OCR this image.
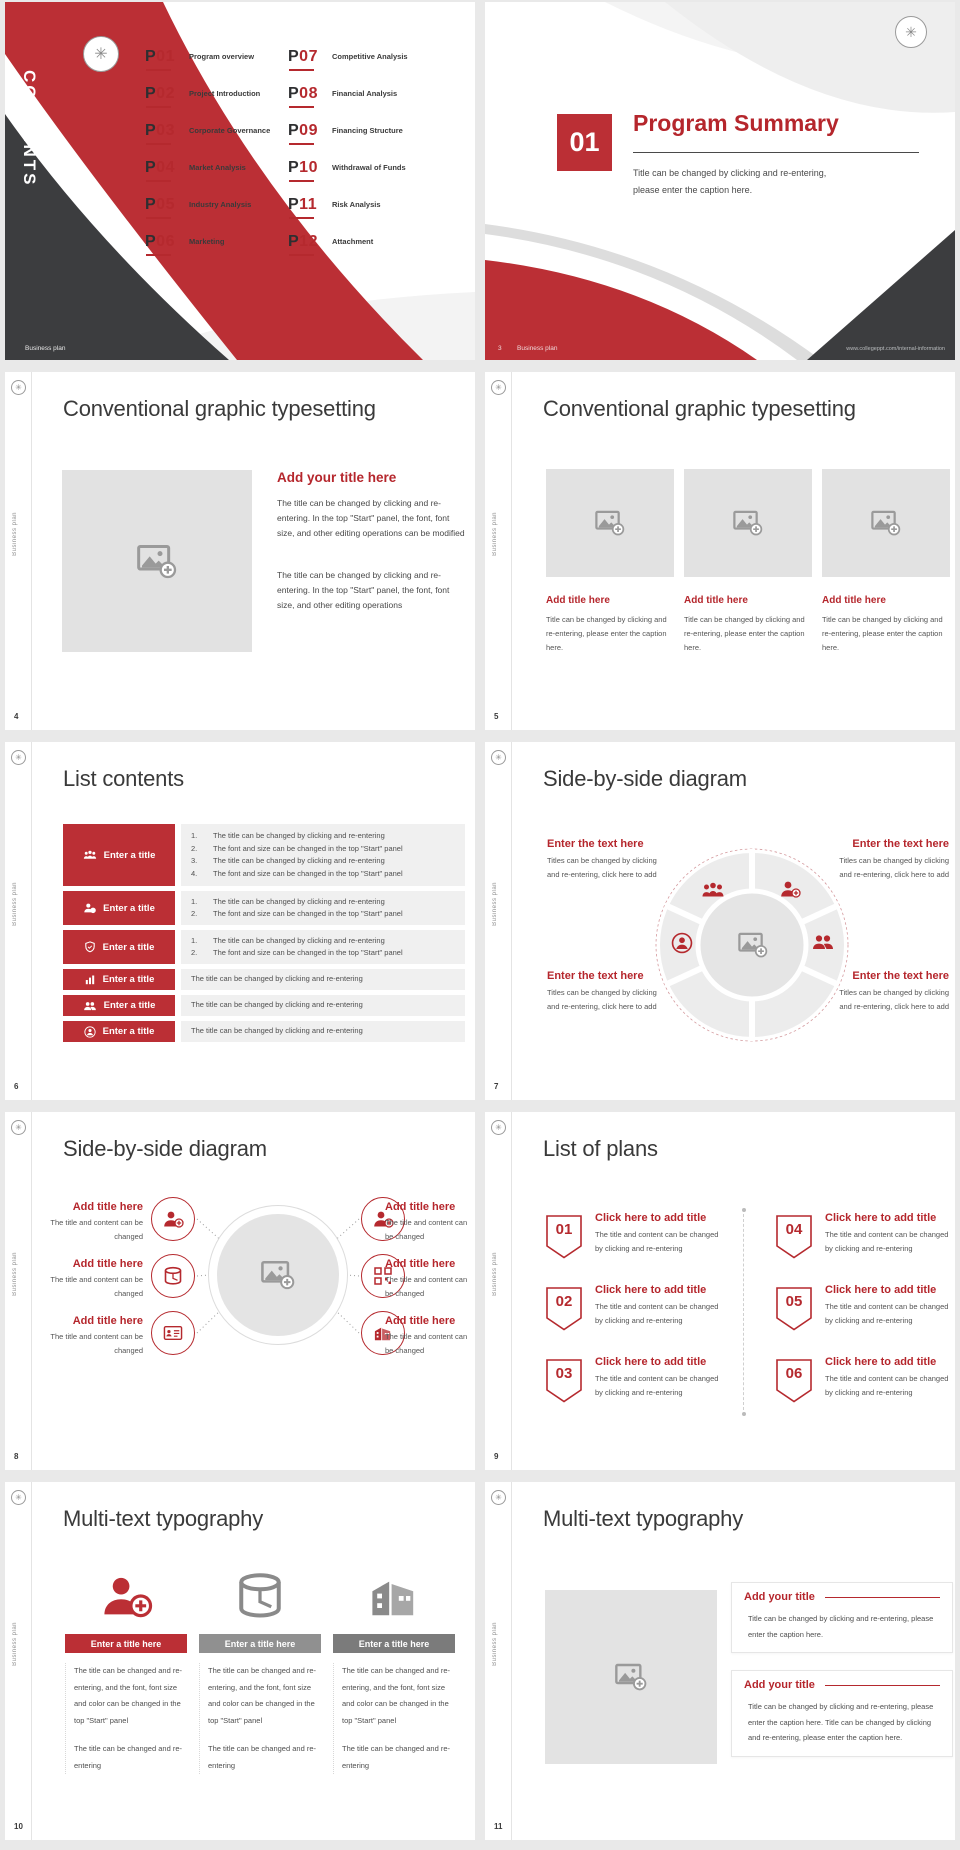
CONTENTS
✳	P01 Program overview
P02 Project Introduction
P03 Corporate Governance
P04 Market Analysis
P05 Industry Analysis
P06 Marketing
P07 Competitive Analysis
P08 Financial Analysis
P09 Financing Structure
P10 Withdrawal of Funds
P11 Risk Analysis
P12 Attachment
Business plan
✳
01
Program Summary
Title can be changed by clicking and re-entering,
please enter the caption here.
3 Business plan	www.collegeppt.com/internal-information
✳
Business plan
4
Conventional graphic typesetting
Add your title here
The title can be changed by clicking and re-entering. In the top "Start" panel, the font, font size, and other editing operations can be modified
The title can be changed by clicking and re-entering. In the top "Start" panel, the font, font size, and other editing operations
✳
Business plan
5
Conventional graphic typesetting
Add title here
Title can be changed by clicking and re-entering, please enter the caption here.
Add title here
Title can be changed by clicking and re-entering, please enter the caption here.
Add title here
Title can be changed by clicking and re-entering, please enter the caption here.
✳
Business plan
6
List contents
Enter a title
1.	The title can be changed by clicking and re-entering
2.	The font and size can be changed in the top "Start" panel
3.	The title can be changed by clicking and re-entering
4.	The font and size can be changed in the top "Start" panel
Enter a title
1.	The title can be changed by clicking and re-entering
2.	The font and size can be changed in the top "Start" panel
Enter a title
1.	The title can be changed by clicking and re-entering
2.	The font and size can be changed in the top "Start" panel
Enter a title	The title can be changed by clicking and re-entering
Enter a title	The title can be changed by clicking and re-entering
Enter a title	The title can be changed by clicking and re-entering
✳
Business plan
7
Side-by-side diagram
Enter the text here
Titles can be changed by clicking and re-entering, click here to add
Enter the text here
Titles can be changed by clicking and re-entering, click here to add
Enter the text here
Titles can be changed by clicking and re-entering, click here to add
Enter the text here
Titles can be changed by clicking and re-entering, click here to add
✳
Business plan
8
Side-by-side diagram
Add title here
The title and content can be changed
Add title here
The title and content can be changed
Add title here
The title and content can be changed
Add title here
The title and content can be changed
Add title here
The title and content can be changed
Add title here
The title and content can be changed
✳
Business plan
9
List of plans
01
Click here to add title
The title and content can be changed by clicking and re-entering
02
Click here to add title
The title and content can be changed by clicking and re-entering
03
Click here to add title
The title and content can be changed by clicking and re-entering
04
Click here to add title
The title and content can be changed by clicking and re-entering
05
Click here to add title
The title and content can be changed by clicking and re-entering
06
Click here to add title
The title and content can be changed by clicking and re-entering
✳
Business plan
10
Multi-text typography
Enter a title here
The title can be changed and re-entering, and the font, font size and color can be changed in the top "Start" panel
The title can be changed and re-entering
Enter a title here
The title can be changed and re-entering, and the font, font size and color can be changed in the top "Start" panel
The title can be changed and re-entering
Enter a title here
The title can be changed and re-entering, and the font, font size and color can be changed in the top "Start" panel
The title can be changed and re-entering
✳
Business plan
11
Multi-text typography
Add your title
Title can be changed by clicking and re-entering, please enter the caption here.
Add your title
Title can be changed by clicking and re-entering, please enter the caption here. Title can be changed by clicking and re-entering, please enter the caption here.
